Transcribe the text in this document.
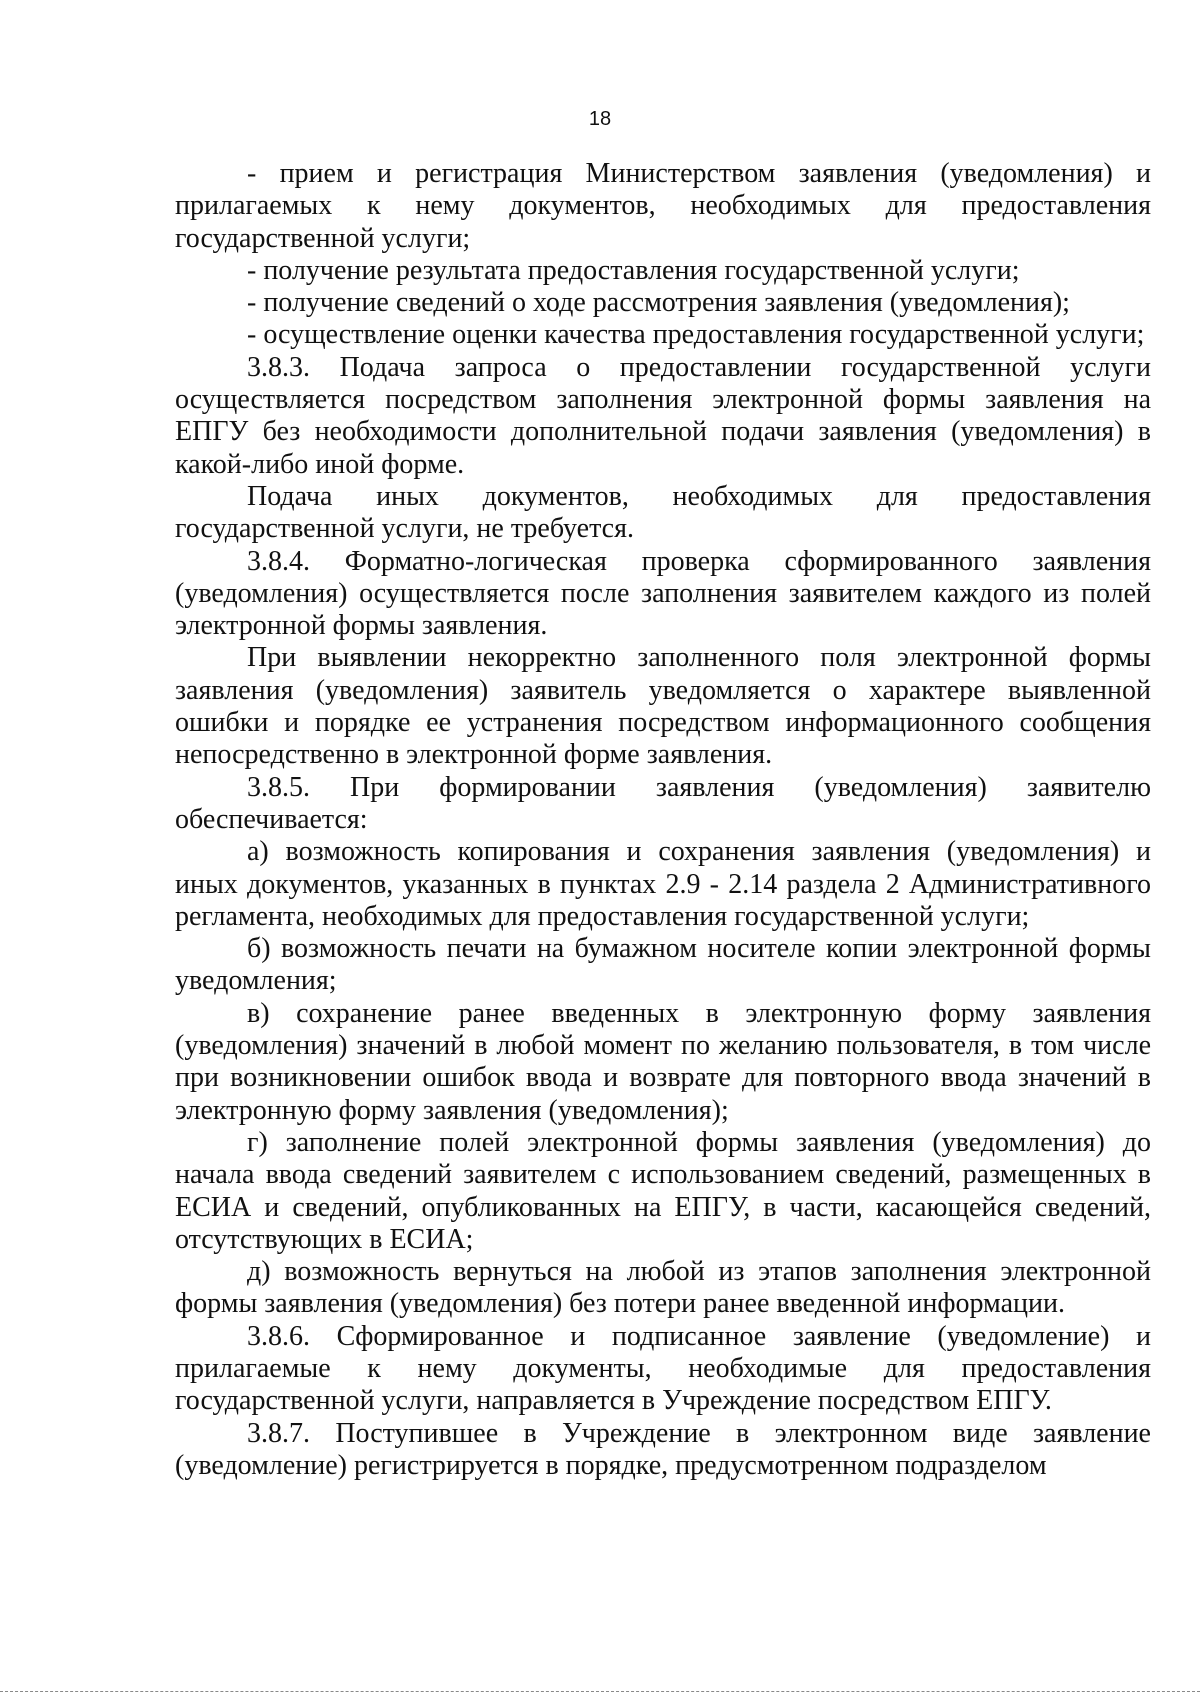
18

- прием и регистрация Министерством заявления (уведомления) и прилагаемых к нему документов, необходимых для предоставления государственной услуги;

- получение результата предоставления государственной услуги;

- получение сведений о ходе рассмотрения заявления (уведомления);

- осуществление оценки качества предоставления государственной услуги;

3.8.3. Подача запроса о предоставлении государственной услуги осуществляется посредством заполнения электронной формы заявления на ЕПГУ без необходимости дополнительной подачи заявления (уведомления) в какой-либо иной форме.

Подача иных документов, необходимых для предоставления государственной услуги, не требуется.

3.8.4. Форматно-логическая проверка сформированного заявления (уведомления) осуществляется после заполнения заявителем каждого из полей электронной формы заявления.

При выявлении некорректно заполненного поля электронной формы заявления (уведомления) заявитель уведомляется о характере выявленной ошибки и порядке ее устранения посредством информационного сообщения непосредственно в электронной форме заявления.

3.8.5. При формировании заявления (уведомления) заявителю обеспечивается:

а) возможность копирования и сохранения заявления (уведомления) и иных документов, указанных в пунктах 2.9 - 2.14 раздела 2 Административного регламента, необходимых для предоставления государственной услуги;

б) возможность печати на бумажном носителе копии электронной формы уведомления;

в) сохранение ранее введенных в электронную форму заявления (уведомления) значений в любой момент по желанию пользователя, в том числе при возникновении ошибок ввода и возврате для повторного ввода значений в электронную форму заявления (уведомления);

г) заполнение полей электронной формы заявления (уведомления) до начала ввода сведений заявителем с использованием сведений, размещенных в ЕСИА и сведений, опубликованных на ЕПГУ, в части, касающейся сведений, отсутствующих в ЕСИА;

д) возможность вернуться на любой из этапов заполнения электронной формы заявления (уведомления) без потери ранее введенной информации.

3.8.6. Сформированное и подписанное заявление (уведомление) и прилагаемые к нему документы, необходимые для предоставления государственной услуги, направляется в Учреждение посредством ЕПГУ.

3.8.7. Поступившее в Учреждение в электронном виде заявление (уведомление) регистрируется в порядке, предусмотренном подразделом
